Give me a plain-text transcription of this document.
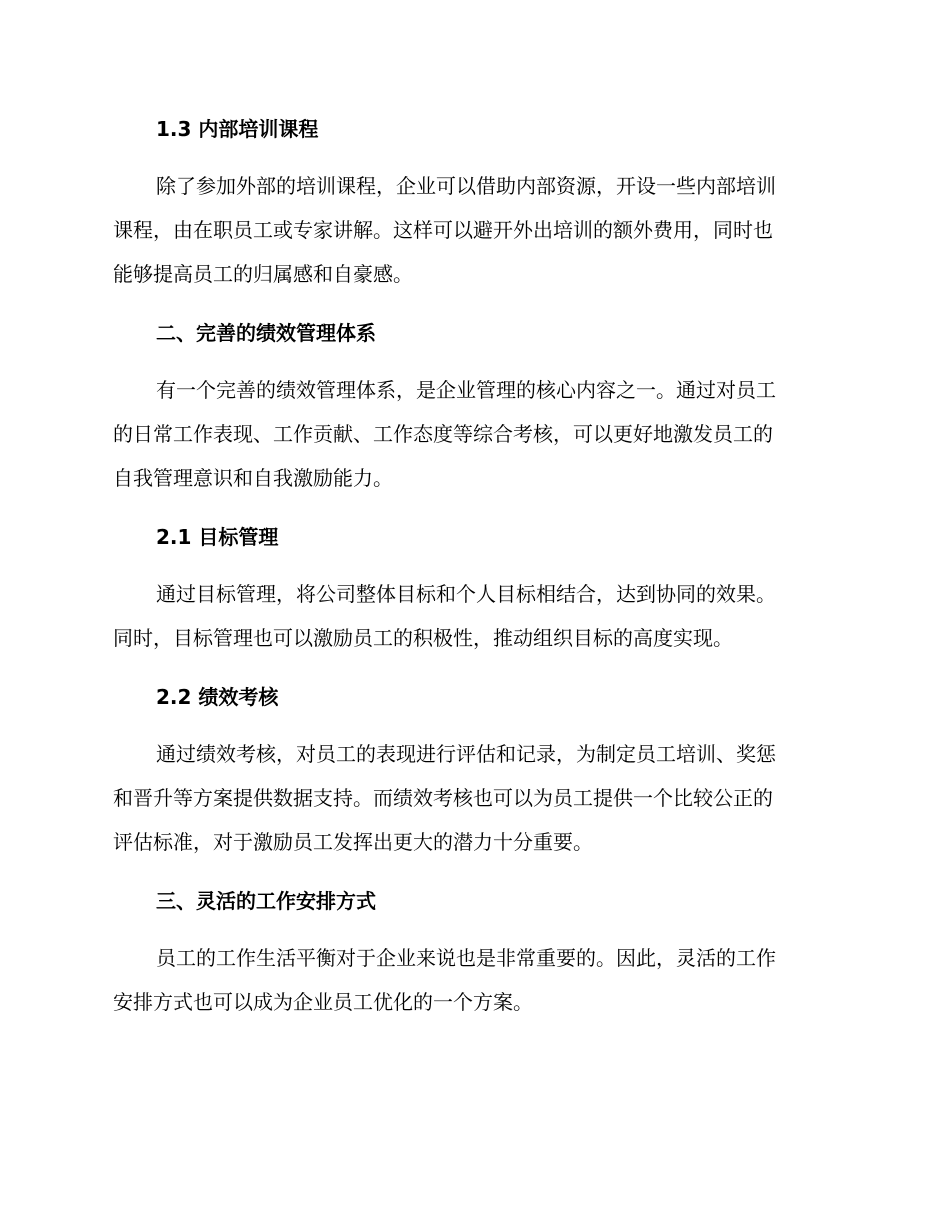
1.3 内部培训课程
除了参加外部的培训课程，企业可以借助内部资源，开设一些内部培训
课程，由在职员工或专家讲解。这样可以避开外出培训的额外费用，同时也
能够提高员工的归属感和自豪感。
二、完善的绩效管理体系
有一个完善的绩效管理体系，是企业管理的核心内容之一。通过对员工
的日常工作表现、工作贡献、工作态度等综合考核，可以更好地激发员工的
自我管理意识和自我激励能力。
2.1 目标管理
通过目标管理，将公司整体目标和个人目标相结合，达到协同的效果。
同时，目标管理也可以激励员工的积极性，推动组织目标的高度实现。
2.2 绩效考核
通过绩效考核，对员工的表现进行评估和记录，为制定员工培训、奖惩
和晋升等方案提供数据支持。而绩效考核也可以为员工提供一个比较公正的
评估标准，对于激励员工发挥出更大的潜力十分重要。
三、灵活的工作安排方式
员工的工作生活平衡对于企业来说也是非常重要的。因此，灵活的工作
安排方式也可以成为企业员工优化的一个方案。
